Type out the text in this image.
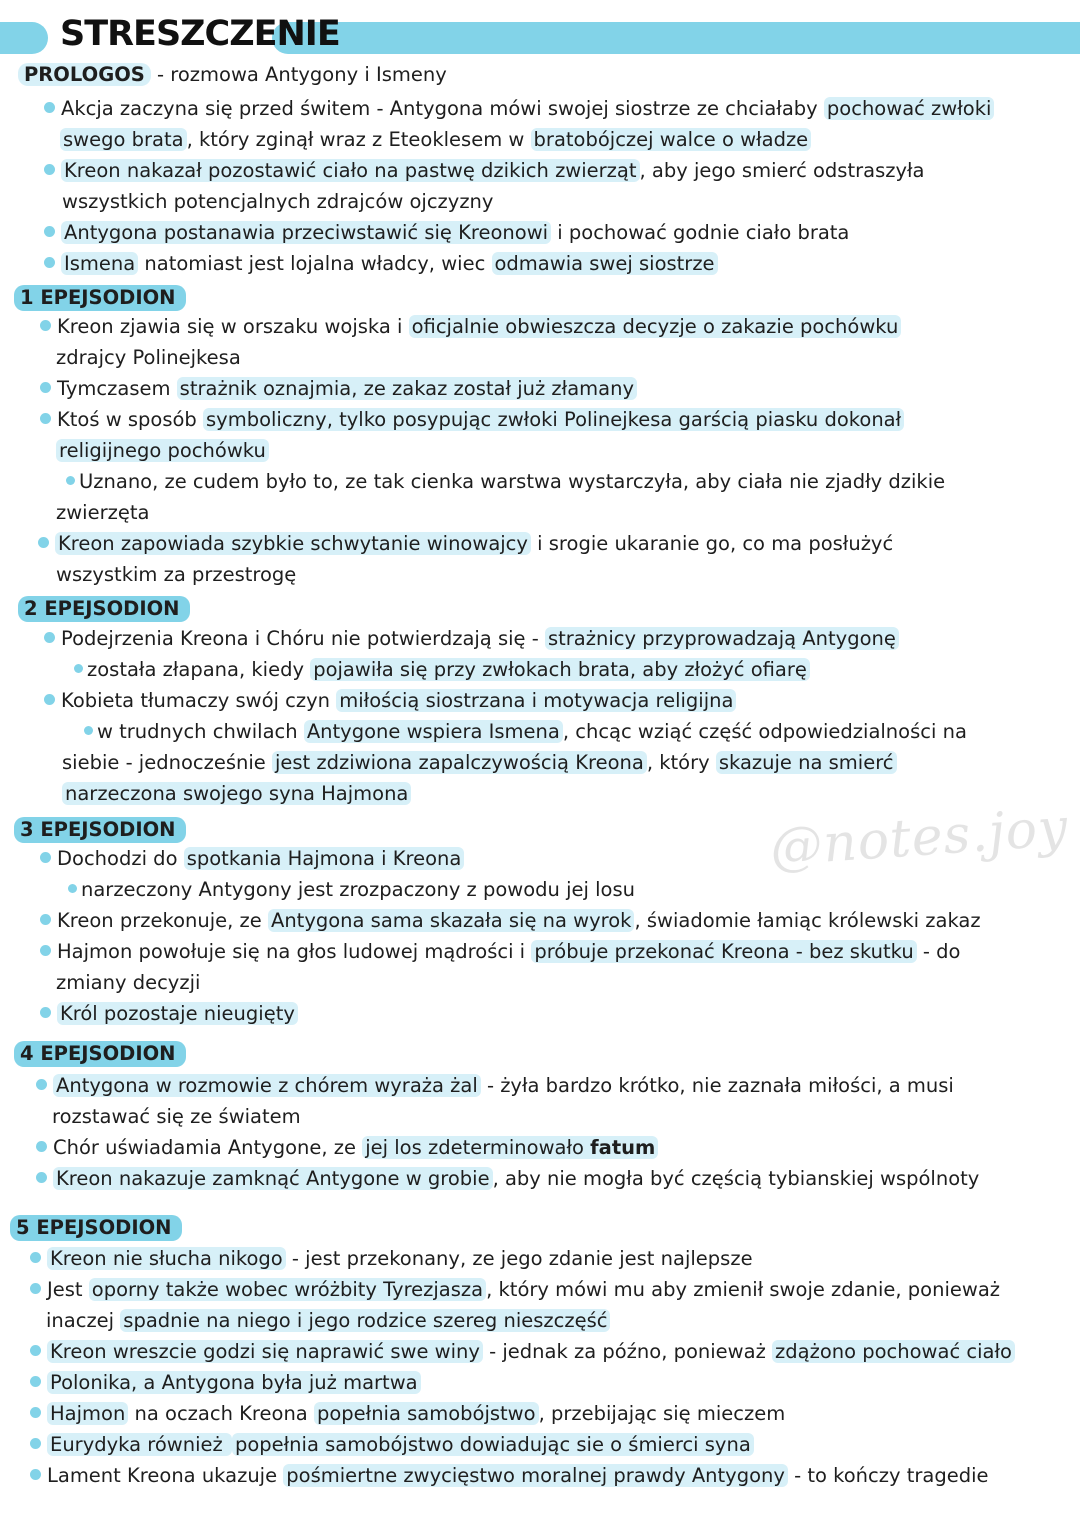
STRESZCZENIE
@notes.joy
PROLOGOS - rozmowa Antygony i Ismeny
Akcja zaczyna się przed świtem - Antygona mówi swojej siostrze ze chciałaby pochować zwłoki
swego brata , który zginął wraz z Eteoklesem w bratobójczej walce o władze
Kreon nakazał pozostawić ciało na pastwę dzikich zwierząt , aby jego smierć odstraszyła
wszystkich potencjalnych zdrajców ojczyzny
Antygona postanawia przeciwstawić się Kreonowi i pochować godnie ciało brata
Ismena natomiast jest lojalna władcy, wiec odmawia swej siostrze
1 EPEJSODION
Kreon zjawia się w orszaku wojska i oficjalnie obwieszcza decyzje o zakazie pochówku
zdrajcy Polinejkesa
Tymczasem strażnik oznajmia, ze zakaz został już złamany
Ktoś w sposób symboliczny, tylko posypując zwłoki Polinejkesa garścią piasku dokonał
religijnego pochówku
Uznano, ze cudem było to, ze tak cienka warstwa wystarczyła, aby ciała nie zjadły dzikie
zwierzęta
Kreon zapowiada szybkie schwytanie winowajcy i srogie ukaranie go, co ma posłużyć
wszystkim za przestrogę
2 EPEJSODION
Podejrzenia Kreona i Chóru nie potwierdzają się - strażnicy przyprowadzają Antygonę
została złapana, kiedy pojawiła się przy zwłokach brata, aby złożyć ofiarę
Kobieta tłumaczy swój czyn miłością siostrzana i motywacja religijna
w trudnych chwilach Antygone wspiera Ismena , chcąc wziąć część odpowiedzialności na
siebie - jednocześnie jest zdziwiona zapalczywością Kreona , który skazuje na smierć
narzeczona swojego syna Hajmona
3 EPEJSODION
Dochodzi do spotkania Hajmona i Kreona
narzeczony Antygony jest zrozpaczony z powodu jej losu
Kreon przekonuje, ze Antygona sama skazała się na wyrok , świadomie łamiąc królewski zakaz
Hajmon powołuje się na głos ludowej mądrości i próbuje przekonać Kreona - bez skutku - do
zmiany decyzji
Król pozostaje nieugięty
4 EPEJSODION
Antygona w rozmowie z chórem wyraża żal - żyła bardzo krótko, nie zaznała miłości, a musi
rozstawać się ze światem
Chór uświadamia Antygone, ze jej los zdeterminowało fatum
Kreon nakazuje zamknąć Antygone w grobie , aby nie mogła być częścią tybianskiej wspólnoty
5 EPEJSODION
Kreon nie słucha nikogo - jest przekonany, ze jego zdanie jest najlepsze
Jest oporny także wobec wróżbity Tyrezjasza , który mówi mu aby zmienił swoje zdanie, ponieważ
inaczej spadnie na niego i jego rodzice szereg nieszczęść
Kreon wreszcie godzi się naprawić swe winy - jednak za późno, ponieważ zdążono pochować ciało
Polonika, a Antygona była już martwa
Hajmon na oczach Kreona popełnia samobójstwo , przebijając się mieczem
Eurydyka również popełnia samobójstwo dowiadując sie o śmierci syna
Lament Kreona ukazuje pośmiertne zwycięstwo moralnej prawdy Antygony - to kończy tragedie
